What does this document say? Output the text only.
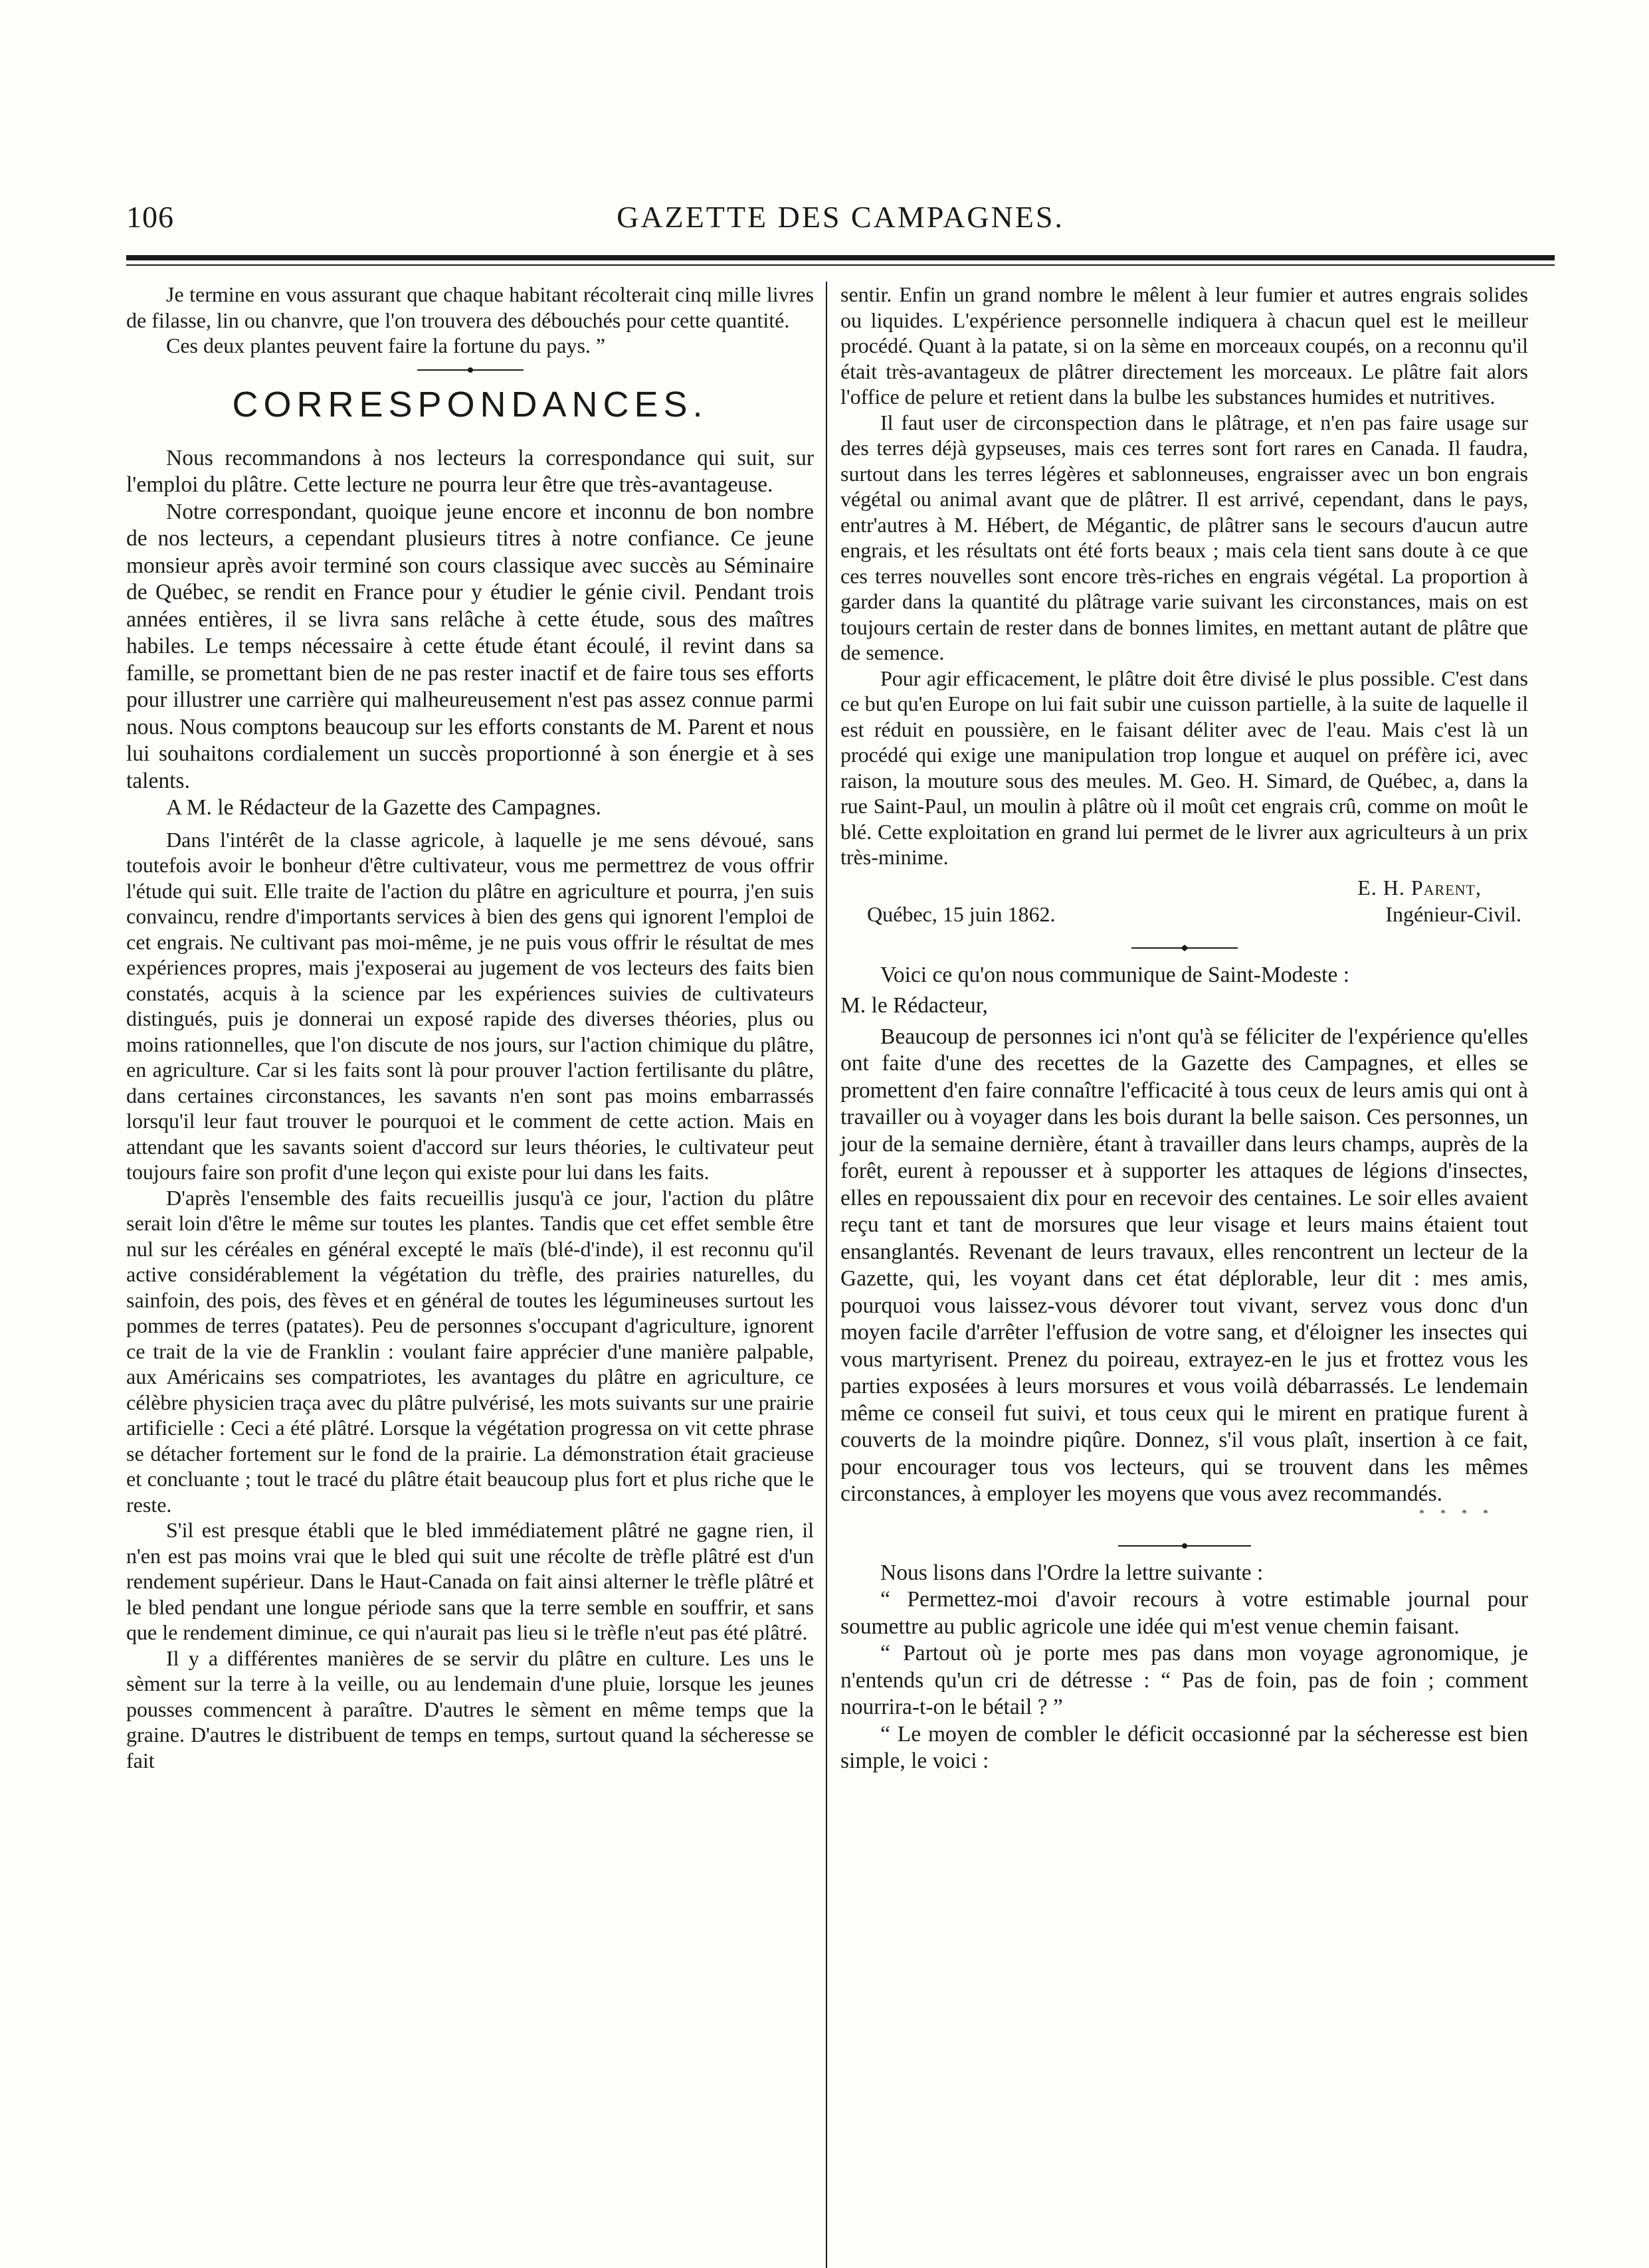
106	GAZETTE DES CAMPAGNES.

Je termine en vous assurant que chaque habitant récolterait cinq mille livres de filasse, lin ou chanvre, que l'on trouvera des débouchés pour cette quantité.

Ces deux plantes peuvent faire la fortune du pays. ”

CORRESPONDANCES.

Nous recommandons à nos lecteurs la correspondance qui suit, sur l'emploi du plâtre. Cette lecture ne pourra leur être que très-avantageuse.

Notre correspondant, quoique jeune encore et inconnu de bon nombre de nos lecteurs, a cependant plusieurs titres à notre confiance. Ce jeune monsieur après avoir terminé son cours classique avec succès au Séminaire de Québec, se rendit en France pour y étudier le génie civil. Pendant trois années entières, il se livra sans relâche à cette étude, sous des maîtres habiles. Le temps nécessaire à cette étude étant écoulé, il revint dans sa famille, se promettant bien de ne pas rester inactif et de faire tous ses efforts pour illustrer une carrière qui malheureusement n'est pas assez connue parmi nous. Nous comptons beaucoup sur les efforts constants de M. Parent et nous lui souhaitons cordialement un succès proportionné à son énergie et à ses talents.

A M. le Rédacteur de la Gazette des Campagnes.

Dans l'intérêt de la classe agricole, à laquelle je me sens dévoué, sans toutefois avoir le bonheur d'être cultivateur, vous me permettrez de vous offrir l'étude qui suit. Elle traite de l'action du plâtre en agriculture et pourra, j'en suis convaincu, rendre d'importants services à bien des gens qui ignorent l'emploi de cet engrais. Ne cultivant pas moi-même, je ne puis vous offrir le résultat de mes expériences propres, mais j'exposerai au jugement de vos lecteurs des faits bien constatés, acquis à la science par les expériences suivies de cultivateurs distingués, puis je donnerai un exposé rapide des diverses théories, plus ou moins rationnelles, que l'on discute de nos jours, sur l'action chimique du plâtre, en agriculture. Car si les faits sont là pour prouver l'action fertilisante du plâtre, dans certaines circonstances, les savants n'en sont pas moins embarrassés lorsqu'il leur faut trouver le pourquoi et le comment de cette action. Mais en attendant que les savants soient d'accord sur leurs théories, le cultivateur peut toujours faire son profit d'une leçon qui existe pour lui dans les faits.

D'après l'ensemble des faits recueillis jusqu'à ce jour, l'action du plâtre serait loin d'être le même sur toutes les plantes. Tandis que cet effet semble être nul sur les céréales en général excepté le maïs (blé-d'inde), il est reconnu qu'il active considérablement la végétation du trèfle, des prairies naturelles, du sainfoin, des pois, des fèves et en général de toutes les légumineuses surtout les pommes de terres (patates). Peu de personnes s'occupant d'agriculture, ignorent ce trait de la vie de Franklin : voulant faire apprécier d'une manière palpable, aux Américains ses compatriotes, les avantages du plâtre en agriculture, ce célèbre physicien traça avec du plâtre pulvérisé, les mots suivants sur une prairie artificielle : Ceci a été plâtré. Lorsque la végétation progressa on vit cette phrase se détacher fortement sur le fond de la prairie. La démonstration était gracieuse et concluante ; tout le tracé du plâtre était beaucoup plus fort et plus riche que le reste.

S'il est presque établi que le bled immédiatement plâtré ne gagne rien, il n'en est pas moins vrai que le bled qui suit une récolte de trèfle plâtré est d'un rendement supérieur. Dans le Haut-Canada on fait ainsi alterner le trèfle plâtré et le bled pendant une longue période sans que la terre semble en souffrir, et sans que le rendement diminue, ce qui n'aurait pas lieu si le trèfle n'eut pas été plâtré.

Il y a différentes manières de se servir du plâtre en culture. Les uns le sèment sur la terre à la veille, ou au lendemain d'une pluie, lorsque les jeunes pousses commencent à paraître. D'autres le sèment en même temps que la graine. D'autres le distribuent de temps en temps, surtout quand la sécheresse se fait

sentir. Enfin un grand nombre le mêlent à leur fumier et autres engrais solides ou liquides. L'expérience personnelle indiquera à chacun quel est le meilleur procédé. Quant à la patate, si on la sème en morceaux coupés, on a reconnu qu'il était très-avantageux de plâtrer directement les morceaux. Le plâtre fait alors l'office de pelure et retient dans la bulbe les substances humides et nutritives.

Il faut user de circonspection dans le plâtrage, et n'en pas faire usage sur des terres déjà gypseuses, mais ces terres sont fort rares en Canada. Il faudra, surtout dans les terres légères et sablonneuses, engraisser avec un bon engrais végétal ou animal avant que de plâtrer. Il est arrivé, cependant, dans le pays, entr'autres à M. Hébert, de Mégantic, de plâtrer sans le secours d'aucun autre engrais, et les résultats ont été forts beaux ; mais cela tient sans doute à ce que ces terres nouvelles sont encore très-riches en engrais végétal. La proportion à garder dans la quantité du plâtrage varie suivant les circonstances, mais on est toujours certain de rester dans de bonnes limites, en mettant autant de plâtre que de semence.

Pour agir efficacement, le plâtre doit être divisé le plus possible. C'est dans ce but qu'en Europe on lui fait subir une cuisson partielle, à la suite de laquelle il est réduit en poussière, en le faisant déliter avec de l'eau. Mais c'est là un procédé qui exige une manipulation trop longue et auquel on préfère ici, avec raison, la mouture sous des meules. M. Geo. H. Simard, de Québec, a, dans la rue Saint-Paul, un moulin à plâtre où il moût cet engrais crû, comme on moût le blé. Cette exploitation en grand lui permet de le livrer aux agriculteurs à un prix très-minime.

E. H. Parent,
Québec, 15 juin 1862.	Ingénieur-Civil.

Voici ce qu'on nous communique de Saint-Modeste :

M. le Rédacteur,

Beaucoup de personnes ici n'ont qu'à se féliciter de l'expérience qu'elles ont faite d'une des recettes de la Gazette des Campagnes, et elles se promettent d'en faire connaître l'efficacité à tous ceux de leurs amis qui ont à travailler ou à voyager dans les bois durant la belle saison. Ces personnes, un jour de la semaine dernière, étant à travailler dans leurs champs, auprès de la forêt, eurent à repousser et à supporter les attaques de légions d'insectes, elles en repoussaient dix pour en recevoir des centaines. Le soir elles avaient reçu tant et tant de morsures que leur visage et leurs mains étaient tout ensanglantés. Revenant de leurs travaux, elles rencontrent un lecteur de la Gazette, qui, les voyant dans cet état déplorable, leur dit : mes amis, pourquoi vous laissez-vous dévorer tout vivant, servez vous donc d'un moyen facile d'arrêter l'effusion de votre sang, et d'éloigner les insectes qui vous martyrisent. Prenez du poireau, extrayez-en le jus et frottez vous les parties exposées à leurs morsures et vous voilà débarrassés. Le lendemain même ce conseil fut suivi, et tous ceux qui le mirent en pratique furent à couverts de la moindre piqûre. Donnez, s'il vous plaît, insertion à ce fait, pour encourager tous vos lecteurs, qui se trouvent dans les mêmes circonstances, à employer les moyens que vous avez recommandés.

* * * *

Nous lisons dans l'Ordre la lettre suivante :

“ Permettez-moi d'avoir recours à votre estimable journal pour soumettre au public agricole une idée qui m'est venue chemin faisant.

“ Partout où je porte mes pas dans mon voyage agronomique, je n'entends qu'un cri de détresse : “ Pas de foin, pas de foin ; comment nourrira-t-on le bétail ? ”

“ Le moyen de combler le déficit occasionné par la sécheresse est bien simple, le voici :
